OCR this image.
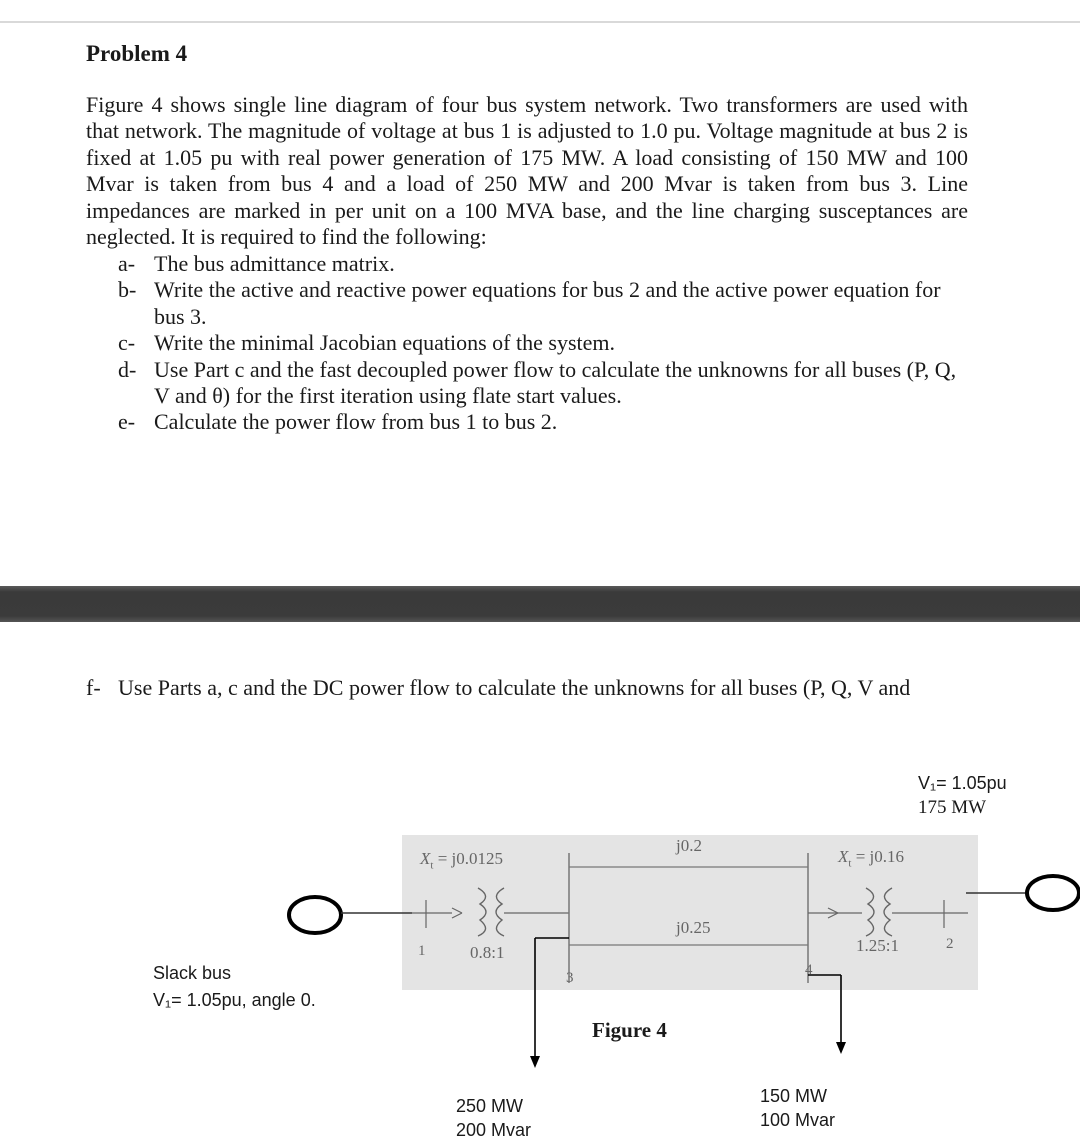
Problem 4

Figure 4 shows single line diagram of four bus system network. Two transformers are used with that network. The magnitude of voltage at bus 1 is adjusted to 1.0 pu. Voltage magnitude at bus 2 is fixed at 1.05 pu with real power generation of 175 MW. A load consisting of 150 MW and 100 Mvar is taken from bus 4 and a load of 250 MW and 200 Mvar is taken from bus 3. Line impedances are marked in per unit on a 100 MVA base, and the line charging susceptances are neglected. It is required to find the following:

a- The bus admittance matrix.
b- Write the active and reactive power equations for bus 2 and the active power equation for bus 3.
c- Write the minimal Jacobian equations of the system.
d- Use Part c and the fast decoupled power flow to calculate the unknowns for all buses (P, Q, V and θ) for the first iteration using flate start values.
e- Calculate the power flow from bus 1 to bus 2.
f- Use Parts a, c and the DC power flow to calculate the unknowns for all buses (P, Q, V and
V₁= 1.05pu
175 MW
$X_t = j0.0125$
j0.2
$X_t = j0.16$
j0.25
0.8:1	1.25:1
1	2
3	4
Slack bus
V₁= 1.05pu, angle 0.
Figure 4
250 MW
200 Mvar
150 MW
100 Mvar
